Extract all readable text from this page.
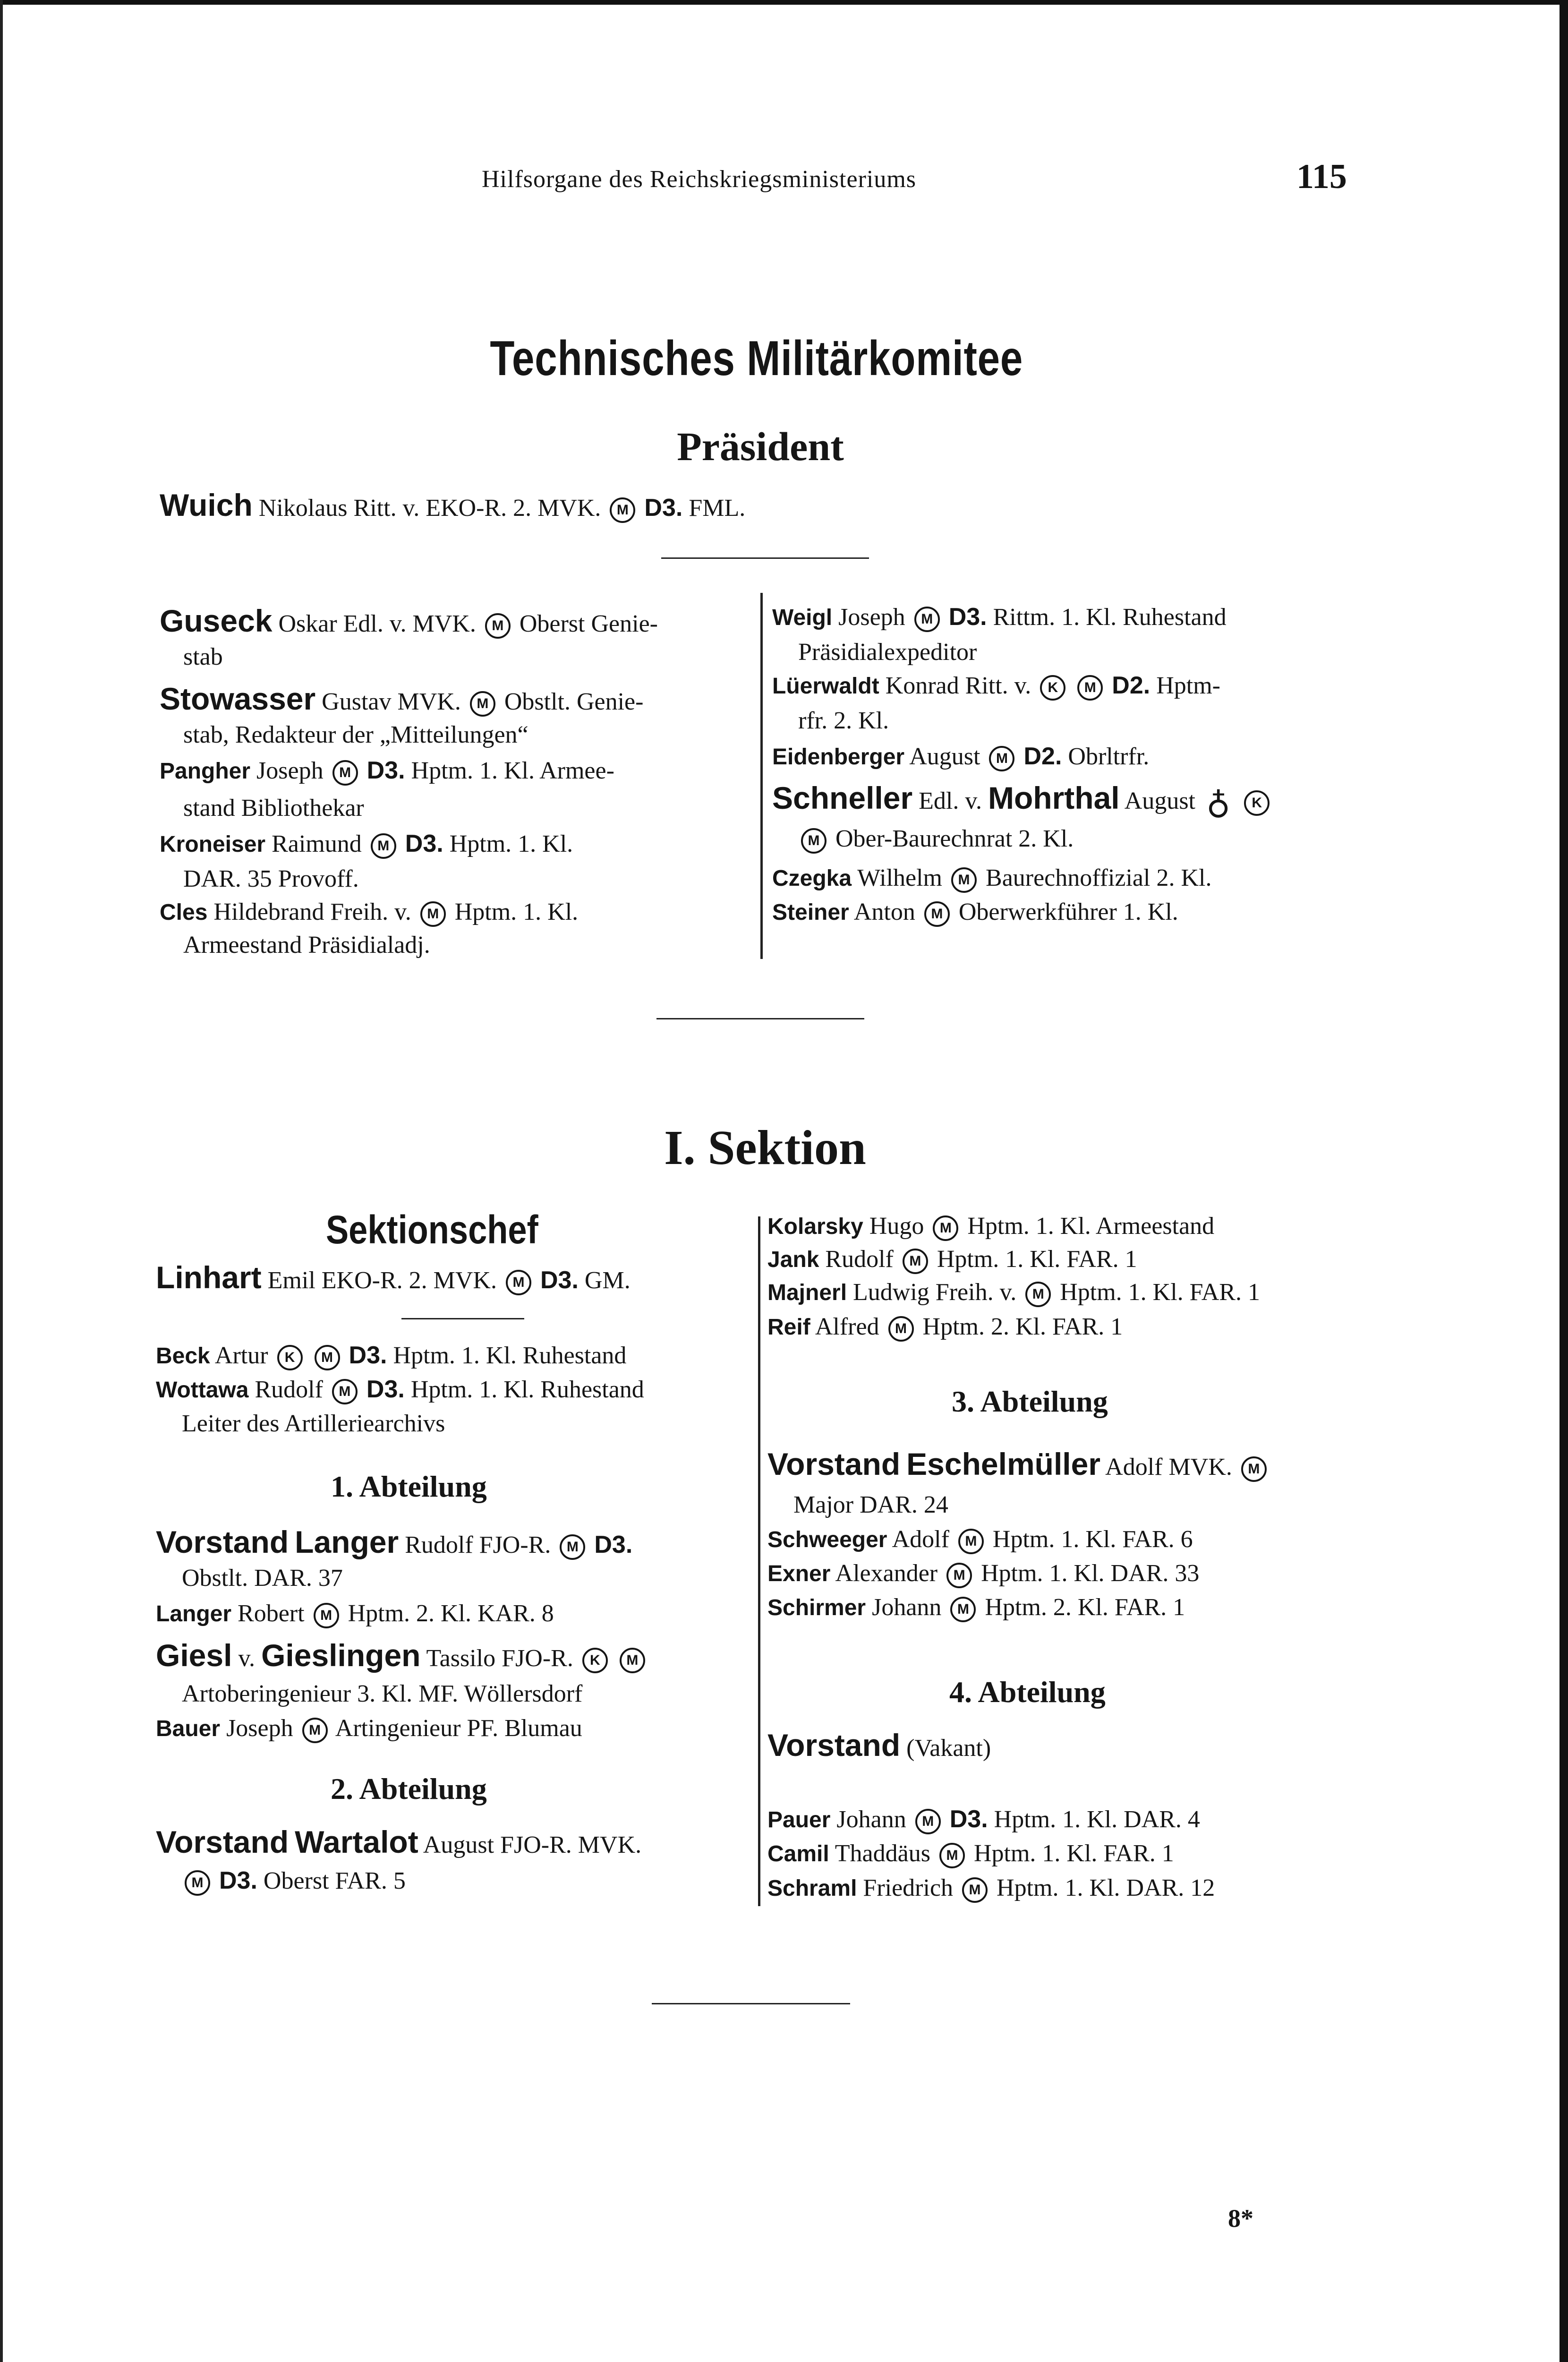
Hilfsorgane des Reichskriegsministeriums	115
Technisches Militärkomitee
Präsident
Wuich Nikolaus Ritt. v. EKO-R. 2. MVK. M D3. FML.
Guseck Oskar Edl. v. MVK. M Oberst Genie-
stab
Stowasser Gustav MVK. M Obstlt. Genie-
stab, Redakteur der „Mitteilungen“
Pangher Joseph M D3. Hptm. 1. Kl. Armee-
stand Bibliothekar
Kroneiser Raimund M D3. Hptm. 1. Kl.
DAR. 35 Provoff.
Cles Hildebrand Freih. v. M Hptm. 1. Kl.
Armeestand Präsidialadj.
Weigl Joseph M D3. Rittm. 1. Kl. Ruhestand
Präsidialexpeditor
Lüerwaldt Konrad Ritt. v. K M D2. Hptm-
rfr. 2. Kl.
Eidenberger August M D2. Obrltrfr.
Schneller Edl. v. Mohrthal August ♁ K
M Ober-Baurechnrat 2. Kl.
Czegka Wilhelm M Baurechnoffizial 2. Kl.
Steiner Anton M Oberwerkführer 1. Kl.
I. Sektion
Sektionschef
Linhart Emil EKO-R. 2. MVK. M D3. GM.
Beck Artur K M D3. Hptm. 1. Kl. Ruhestand
Wottawa Rudolf M D3. Hptm. 1. Kl. Ruhestand
Leiter des Artilleriearchivs
1. Abteilung
Vorstand Langer Rudolf FJO-R. M D3.
Obstlt. DAR. 37
Langer Robert M Hptm. 2. Kl. KAR. 8
Giesl v. Gieslingen Tassilo FJO-R. K M
Artoberingenieur 3. Kl. MF. Wöllersdorf
Bauer Joseph M Artingenieur PF. Blumau
2. Abteilung
Vorstand Wartalot August FJO-R. MVK.
M D3. Oberst FAR. 5
Kolarsky Hugo M Hptm. 1. Kl. Armeestand
Jank Rudolf M Hptm. 1. Kl. FAR. 1
Majnerl Ludwig Freih. v. M Hptm. 1. Kl. FAR. 1
Reif Alfred M Hptm. 2. Kl. FAR. 1
3. Abteilung
Vorstand Eschelmüller Adolf MVK. M
Major DAR. 24
Schweeger Adolf M Hptm. 1. Kl. FAR. 6
Exner Alexander M Hptm. 1. Kl. DAR. 33
Schirmer Johann M Hptm. 2. Kl. FAR. 1
4. Abteilung
Vorstand (Vakant)
Pauer Johann M D3. Hptm. 1. Kl. DAR. 4
Camil Thaddäus M Hptm. 1. Kl. FAR. 1
Schraml Friedrich M Hptm. 1. Kl. DAR. 12
8*
